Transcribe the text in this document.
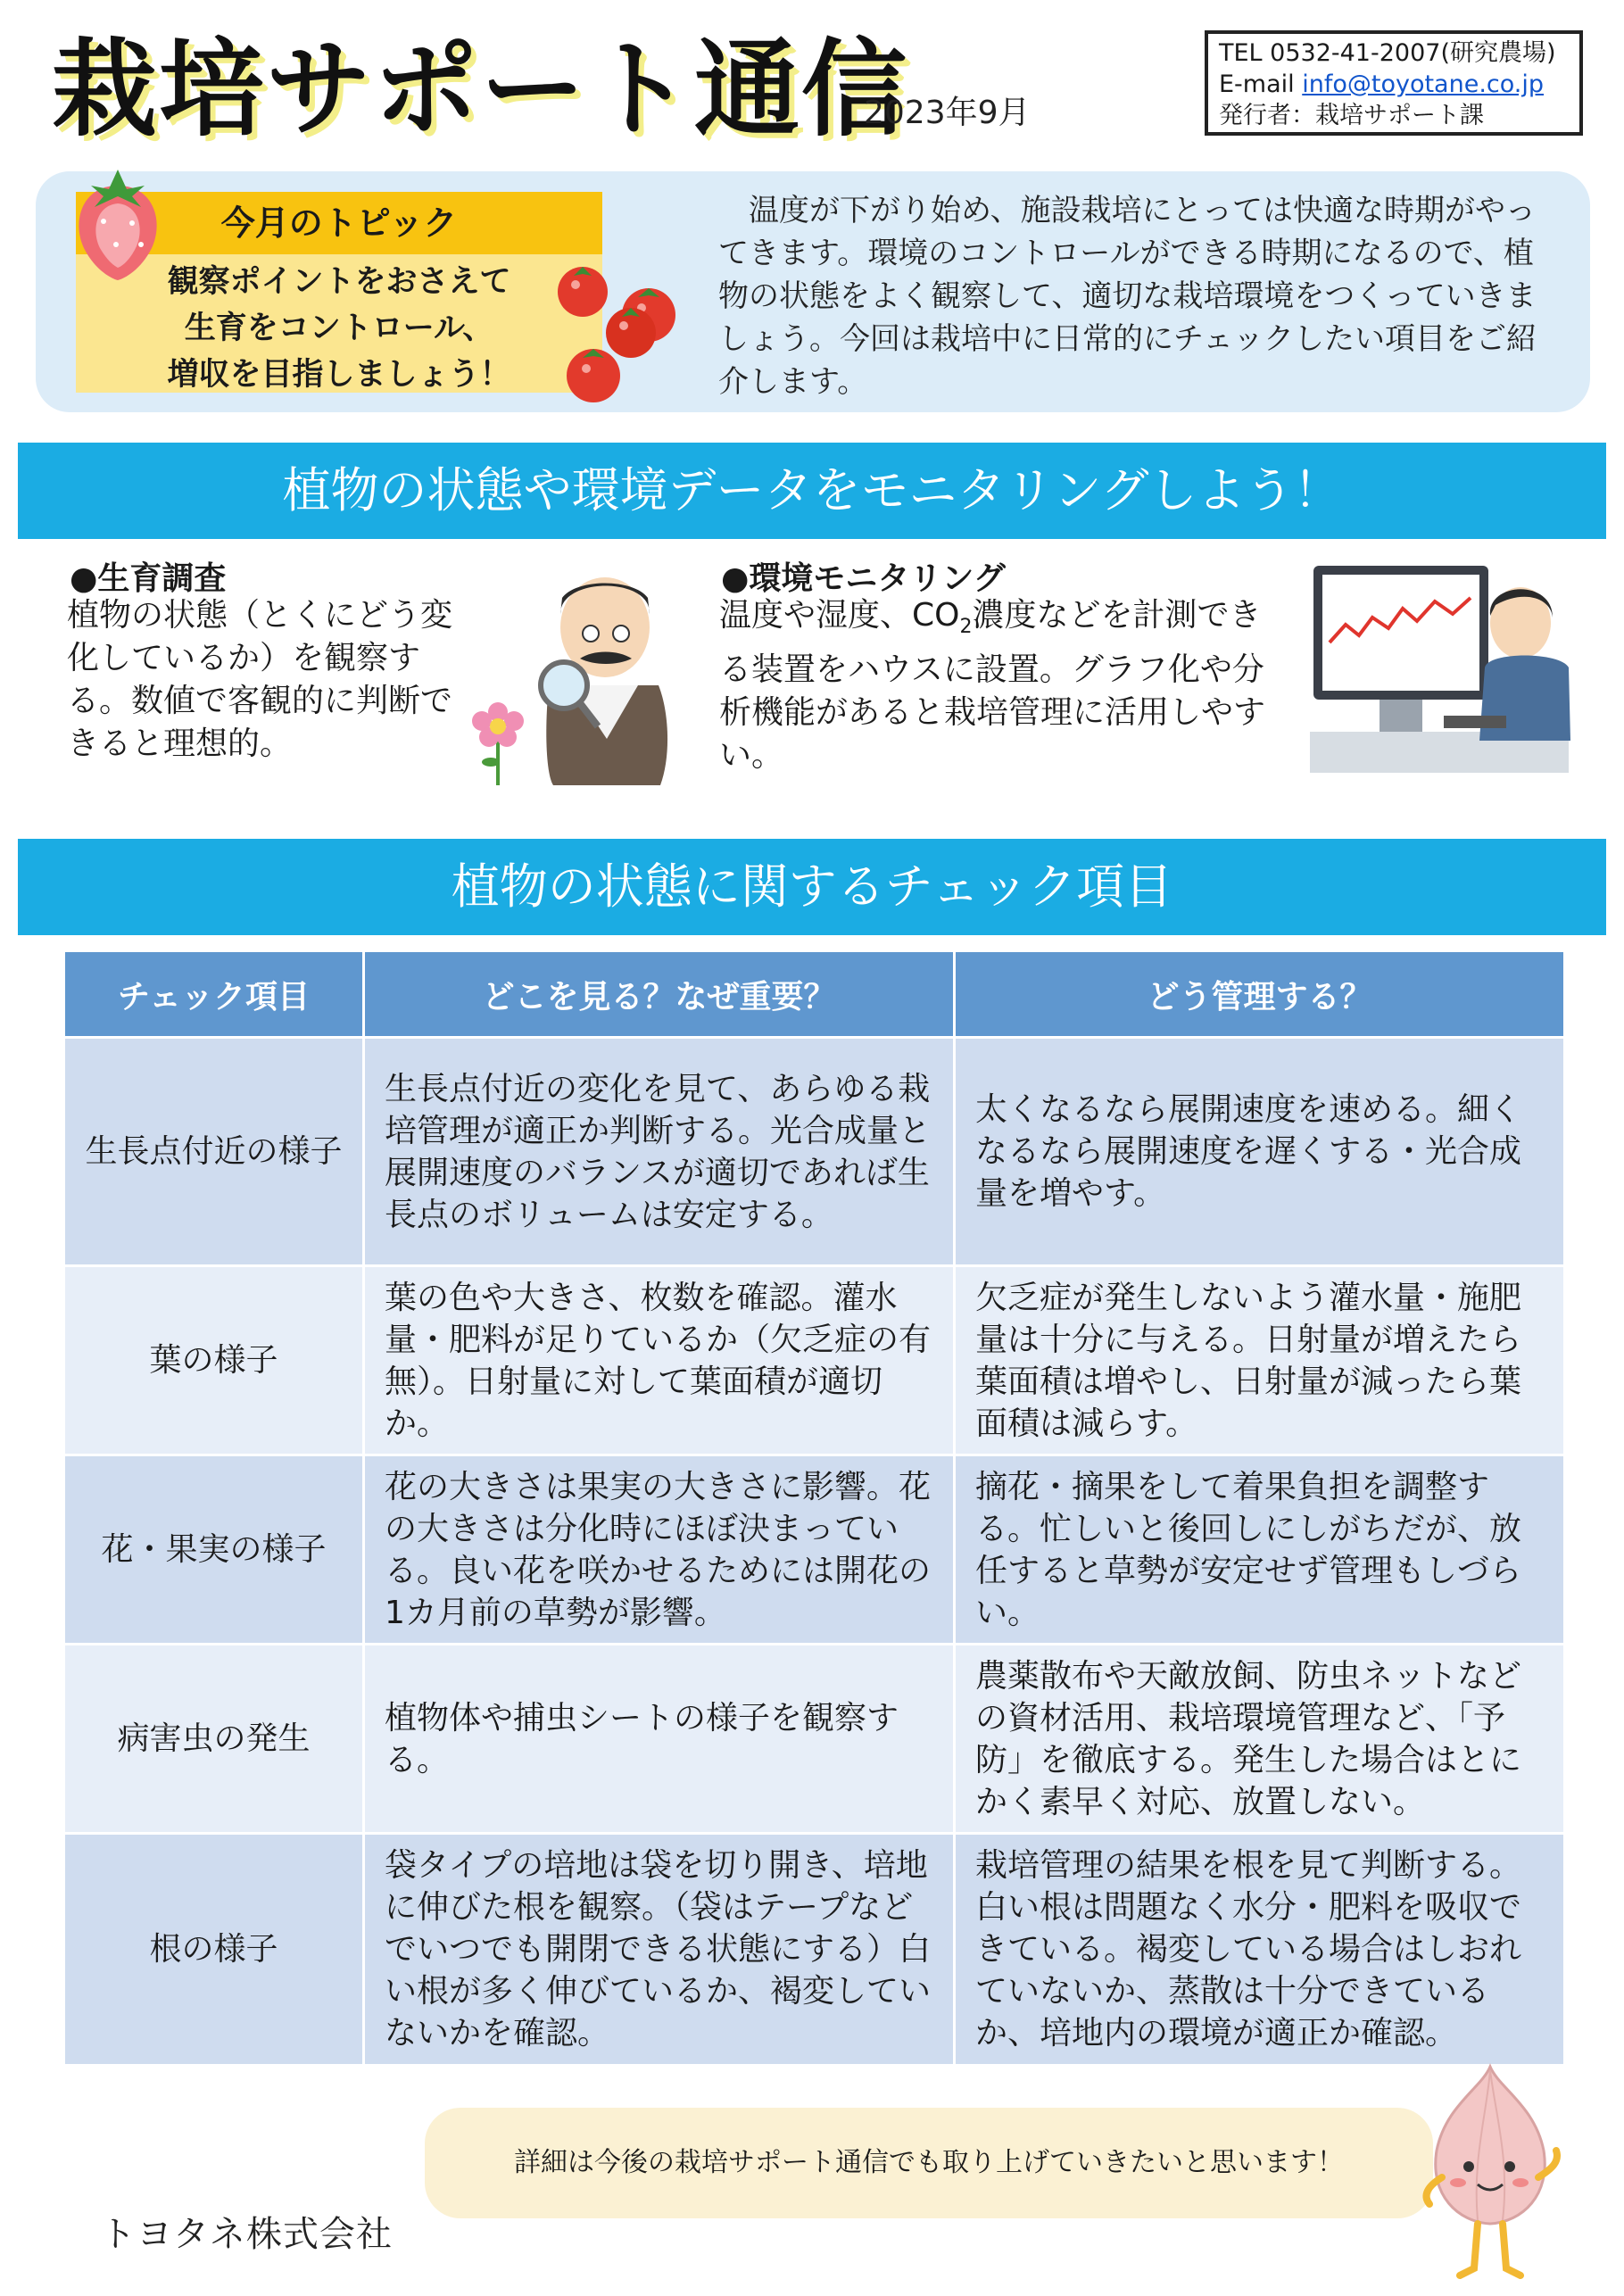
栽培サポート通信
2023年9月
TEL 0532-41-2007(研究農場)
E-mail info@toyotane.co.jp
発行者：栽培サポート課
今月のトピック
観察ポイントをおさえて
生育をコントロール、
増収を目指しましょう！
温度が下がり始め、施設栽培にとっては快適な時期がやってきます。環境のコントロールができる時期になるので、植物の状態をよく観察して、適切な栽培環境をつくっていきましょう。今回は栽培中に日常的にチェックしたい項目をご紹介します。
植物の状態や環境データをモニタリングしよう！
●生育調査
植物の状態（とくにどう変化しているか）を観察する。数値で客観的に判断できると理想的。
●環境モニタリング
温度や湿度、$CO_2$濃度などを計測できる装置をハウスに設置。グラフ化や分析機能があると栽培管理に活用しやすい。
植物の状態に関するチェック項目
チェック項目	どこを見る？なぜ重要？	どう管理する？
生長点付近の様子	生長点付近の変化を見て、あらゆる栽培管理が適正か判断する。光合成量と展開速度のバランスが適切であれば生長点のボリュームは安定する。	太くなるなら展開速度を速める。細くなるなら展開速度を遅くする・光合成量を増やす。
葉の様子	葉の色や大きさ、枚数を確認。灌水量・肥料が足りているか（欠乏症の有無）。日射量に対して葉面積が適切か。	欠乏症が発生しないよう灌水量・施肥量は十分に与える。日射量が増えたら葉面積は増やし、日射量が減ったら葉面積は減らす。
花・果実の様子	花の大きさは果実の大きさに影響。花の大きさは分化時にほぼ決まっている。良い花を咲かせるためには開花の1カ月前の草勢が影響。	摘花・摘果をして着果負担を調整する。忙しいと後回しにしがちだが、放任すると草勢が安定せず管理もしづらい。
病害虫の発生	植物体や捕虫シートの様子を観察する。	農薬散布や天敵放飼、防虫ネットなどの資材活用、栽培環境管理など、「予防」を徹底する。発生した場合はとにかく素早く対応、放置しない。
根の様子	袋タイプの培地は袋を切り開き、培地に伸びた根を観察。（袋はテープなどでいつでも開閉できる状態にする）白い根が多く伸びているか、褐変していないかを確認。	栽培管理の結果を根を見て判断する。白い根は問題なく水分・肥料を吸収できている。褐変している場合はしおれていないか、蒸散は十分できているか、培地内の環境が適正か確認。
詳細は今後の栽培サポート通信でも取り上げていきたいと思います！
トヨタネ株式会社
